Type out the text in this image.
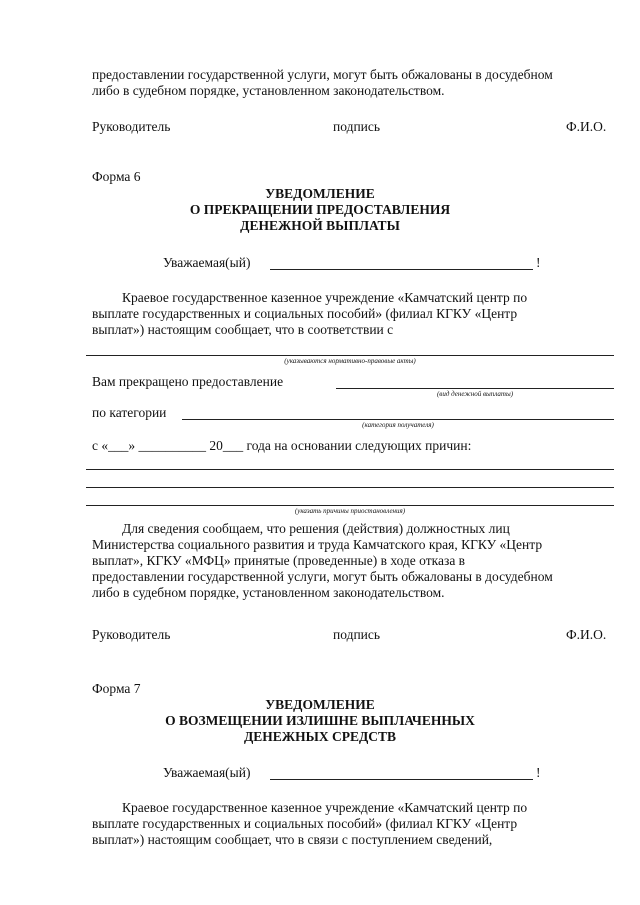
предоставлении государственной услуги, могут быть обжалованы в досудебном
либо в судебном порядке, установленном законодательством.
Руководитель	подпись	Ф.И.О.
Форма 6
УВЕДОМЛЕНИЕ
О ПРЕКРАЩЕНИИ ПРЕДОСТАВЛЕНИЯ
ДЕНЕЖНОЙ ВЫПЛАТЫ
Уважаемая(ый)	!
Краевое государственное казенное учреждение «Камчатский центр по
выплате государственных и социальных пособий» (филиал КГКУ «Центр
выплат») настоящим сообщает, что в соответствии с
(указываются нормативно-правовые акты)
Вам прекращено предоставление
(вид денежной выплаты)
по категории
(категория получателя)
с «___» __________ 20___ года на основании следующих причин:
(указать причины приостановления)
Для сведения сообщаем, что решения (действия) должностных лиц
Министерства социального развития и труда Камчатского края, КГКУ «Центр
выплат», КГКУ «МФЦ» принятые (проведенные) в ходе отказа в
предоставлении государственной услуги, могут быть обжалованы в досудебном
либо в судебном порядке, установленном законодательством.
Руководитель	подпись	Ф.И.О.
Форма 7
УВЕДОМЛЕНИЕ
О ВОЗМЕЩЕНИИ ИЗЛИШНЕ ВЫПЛАЧЕННЫХ
ДЕНЕЖНЫХ СРЕДСТВ
Уважаемая(ый)	!
Краевое государственное казенное учреждение «Камчатский центр по
выплате государственных и социальных пособий» (филиал КГКУ «Центр
выплат») настоящим сообщает, что в связи с поступлением сведений,
